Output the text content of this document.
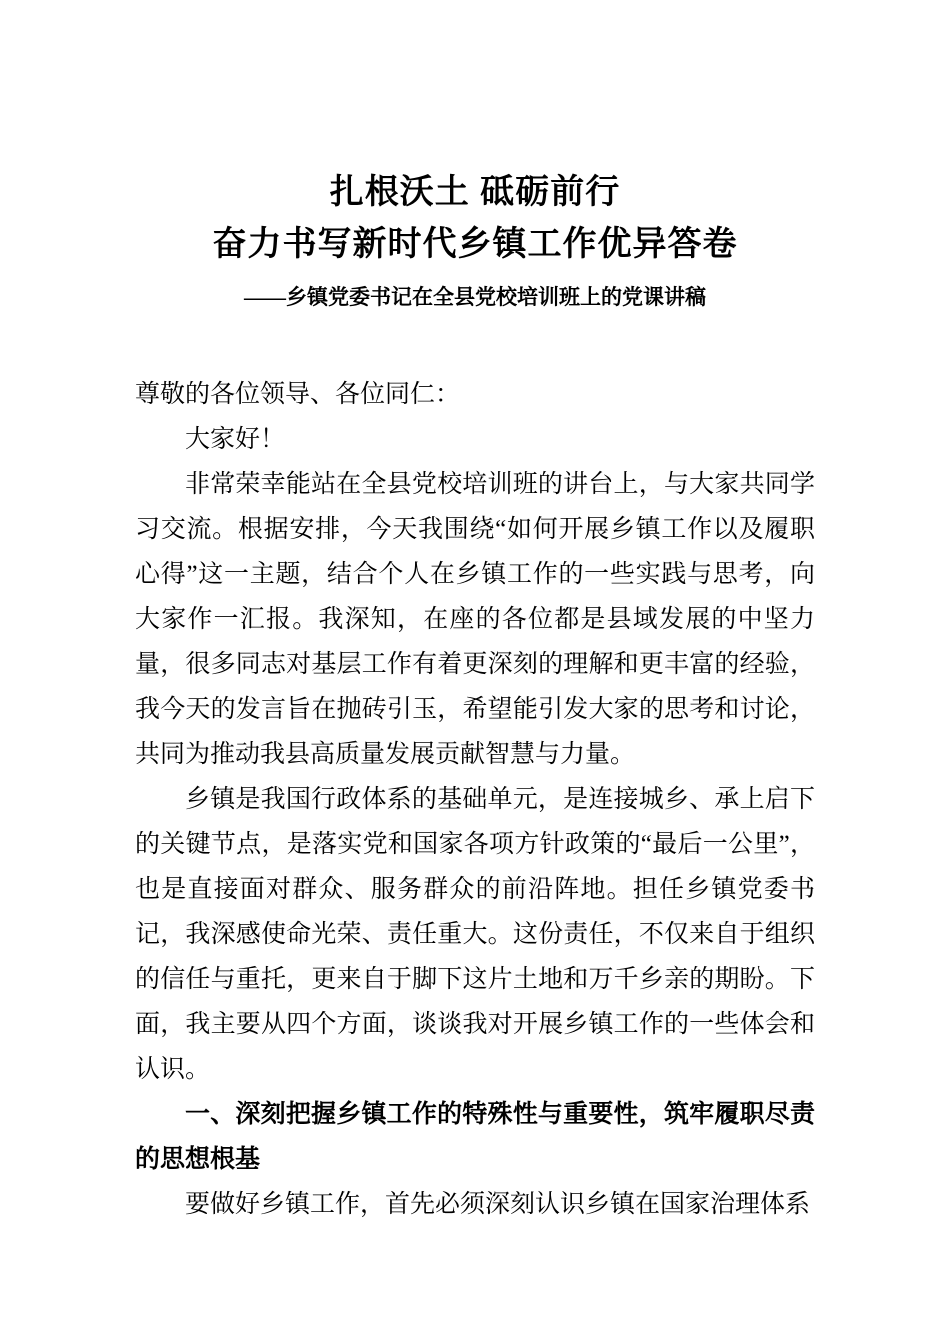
扎根沃土 砥砺前行
奋力书写新时代乡镇工作优异答卷
——乡镇党委书记在全县党校培训班上的党课讲稿

尊敬的各位领导、各位同仁：

大家好！

非常荣幸能站在全县党校培训班的讲台上，与大家共同学习交流。根据安排，今天我围绕“如何开展乡镇工作以及履职心得”这一主题，结合个人在乡镇工作的一些实践与思考，向大家作一汇报。我深知，在座的各位都是县域发展的中坚力量，很多同志对基层工作有着更深刻的理解和更丰富的经验，我今天的发言旨在抛砖引玉，希望能引发大家的思考和讨论，共同为推动我县高质量发展贡献智慧与力量。

乡镇是我国行政体系的基础单元，是连接城乡、承上启下的关键节点，是落实党和国家各项方针政策的“最后一公里”，也是直接面对群众、服务群众的前沿阵地。担任乡镇党委书记，我深感使命光荣、责任重大。这份责任，不仅来自于组织的信任与重托，更来自于脚下这片土地和万千乡亲的期盼。下面，我主要从四个方面，谈谈我对开展乡镇工作的一些体会和认识。

一、深刻把握乡镇工作的特殊性与重要性，筑牢履职尽责的思想根基

要做好乡镇工作，首先必须深刻认识乡镇在国家治理体系
